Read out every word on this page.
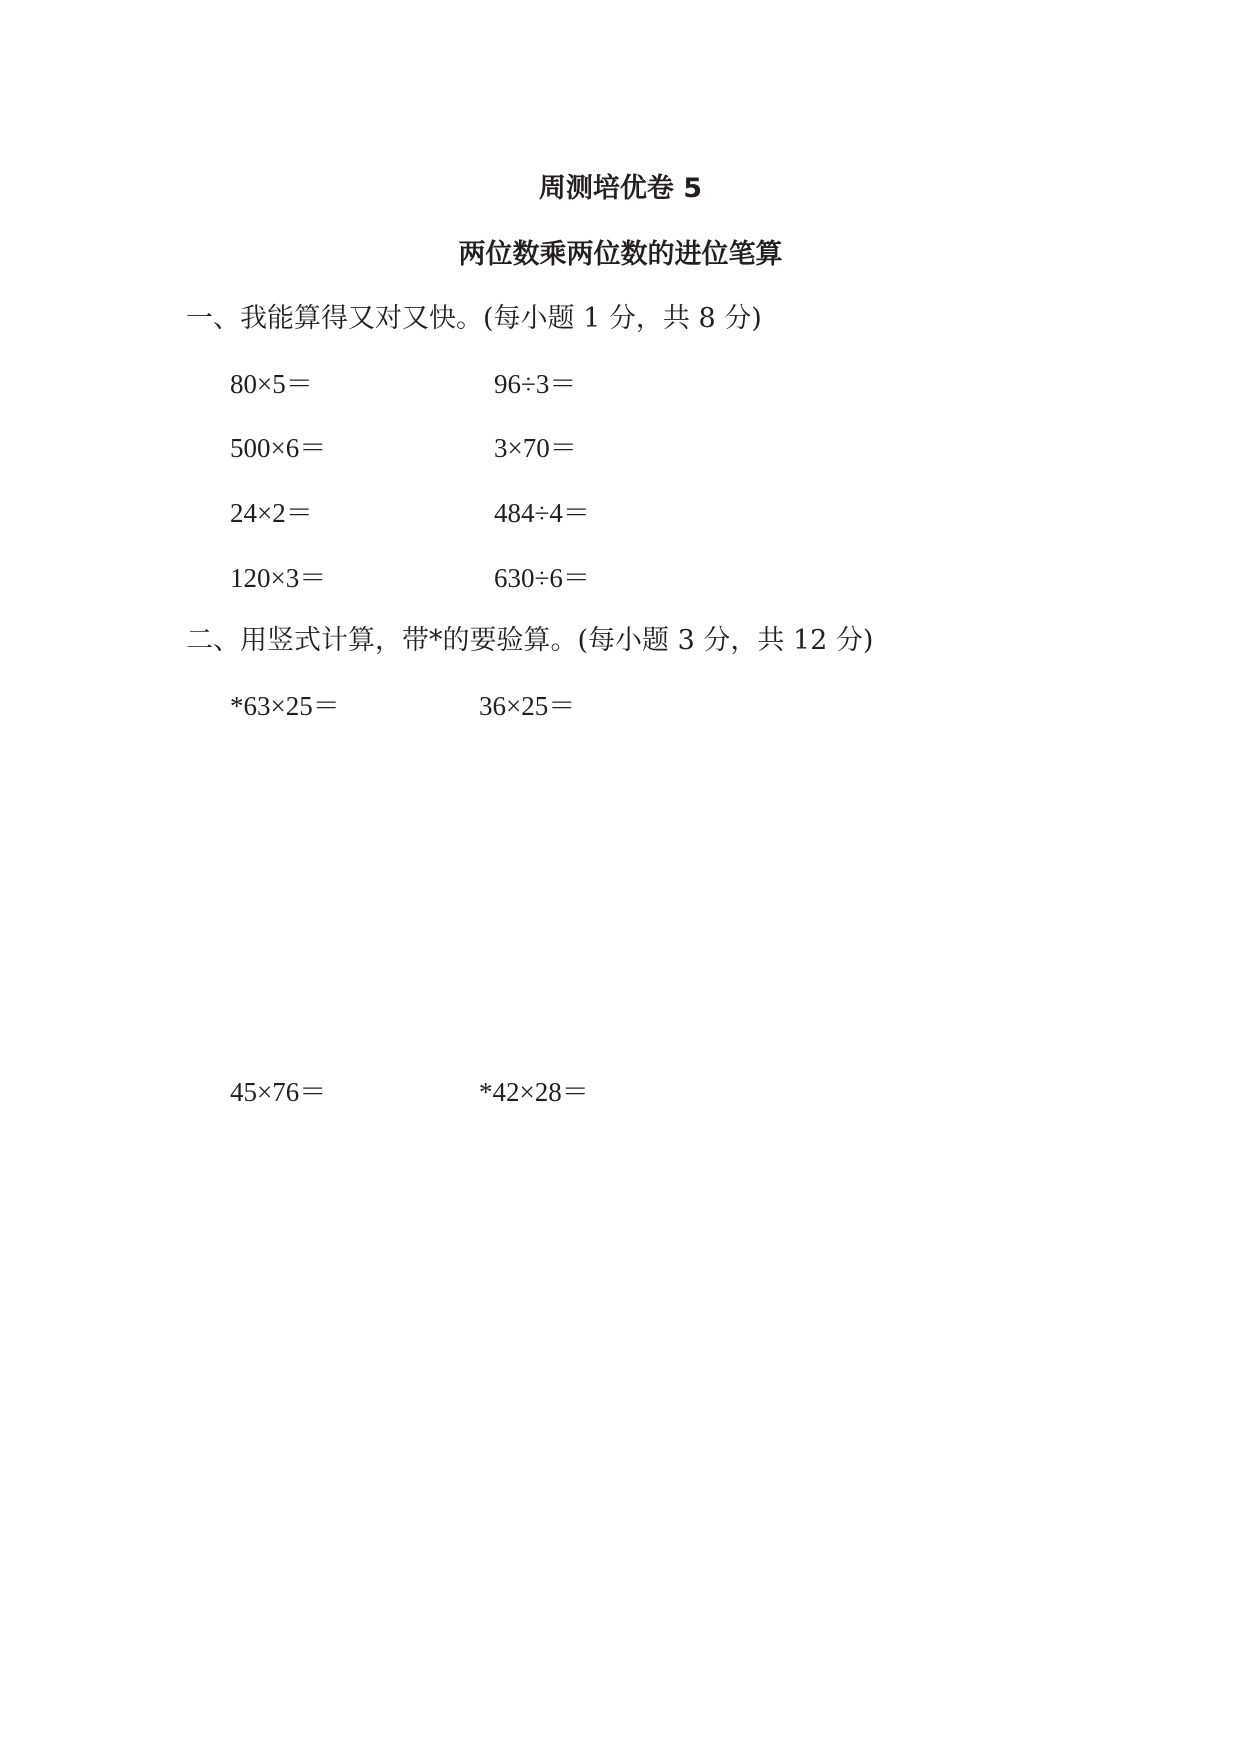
周测培优卷 5
两位数乘两位数的进位笔算

一、我能算得又对又快。(每小题 1 分，共 8 分)

80×5＝	96÷3＝
500×6＝	3×70＝
24×2＝	484÷4＝
120×3＝	630÷6＝

二、用竖式计算，带*的要验算。(每小题 3 分，共 12 分)

*63×25＝	36×25＝
45×76＝	*42×28＝
